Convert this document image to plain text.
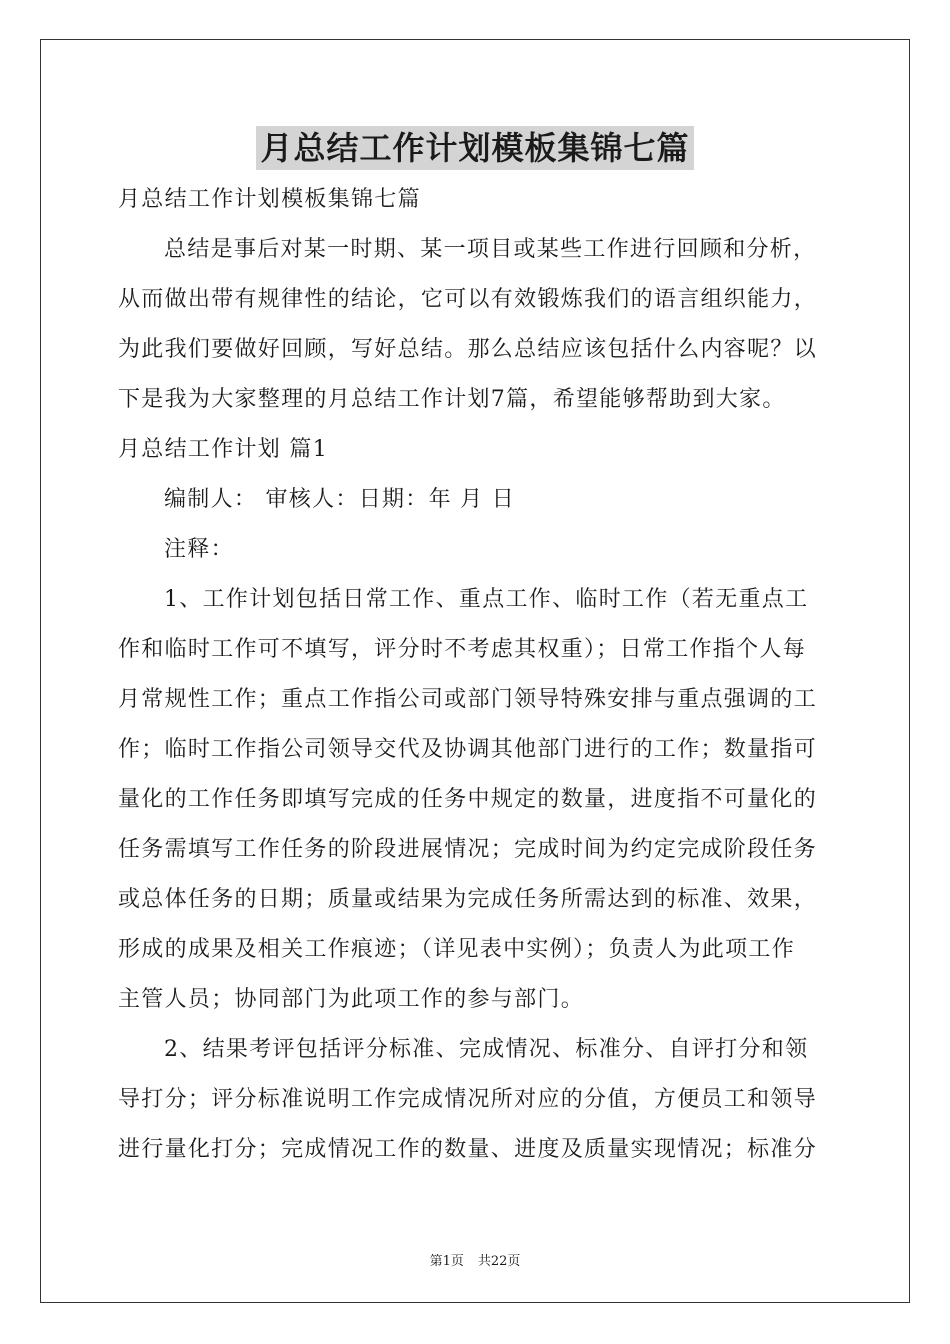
月总结工作计划模板集锦七篇

月总结工作计划模板集锦七篇

总结是事后对某一时期、某一项目或某些工作进行回顾和分析，

从而做出带有规律性的结论，它可以有效锻炼我们的语言组织能力，

为此我们要做好回顾，写好总结。那么总结应该包括什么内容呢？以

下是我为大家整理的月总结工作计划7篇，希望能够帮助到大家。

月总结工作计划 篇1

编制人： 审核人：日期：年 月 日

注释：

1、工作计划包括日常工作、重点工作、临时工作（若无重点工

作和临时工作可不填写，评分时不考虑其权重）；日常工作指个人每

月常规性工作；重点工作指公司或部门领导特殊安排与重点强调的工

作；临时工作指公司领导交代及协调其他部门进行的工作；数量指可

量化的工作任务即填写完成的任务中规定的数量，进度指不可量化的

任务需填写工作任务的阶段进展情况；完成时间为约定完成阶段任务

或总体任务的日期；质量或结果为完成任务所需达到的标准、效果，

形成的成果及相关工作痕迹；（详见表中实例）；负责人为此项工作

主管人员；协同部门为此项工作的参与部门。

2、结果考评包括评分标准、完成情况、标准分、自评打分和领

导打分；评分标准说明工作完成情况所对应的分值，方便员工和领导

进行量化打分；完成情况工作的数量、进度及质量实现情况；标准分

第1页 共22页
